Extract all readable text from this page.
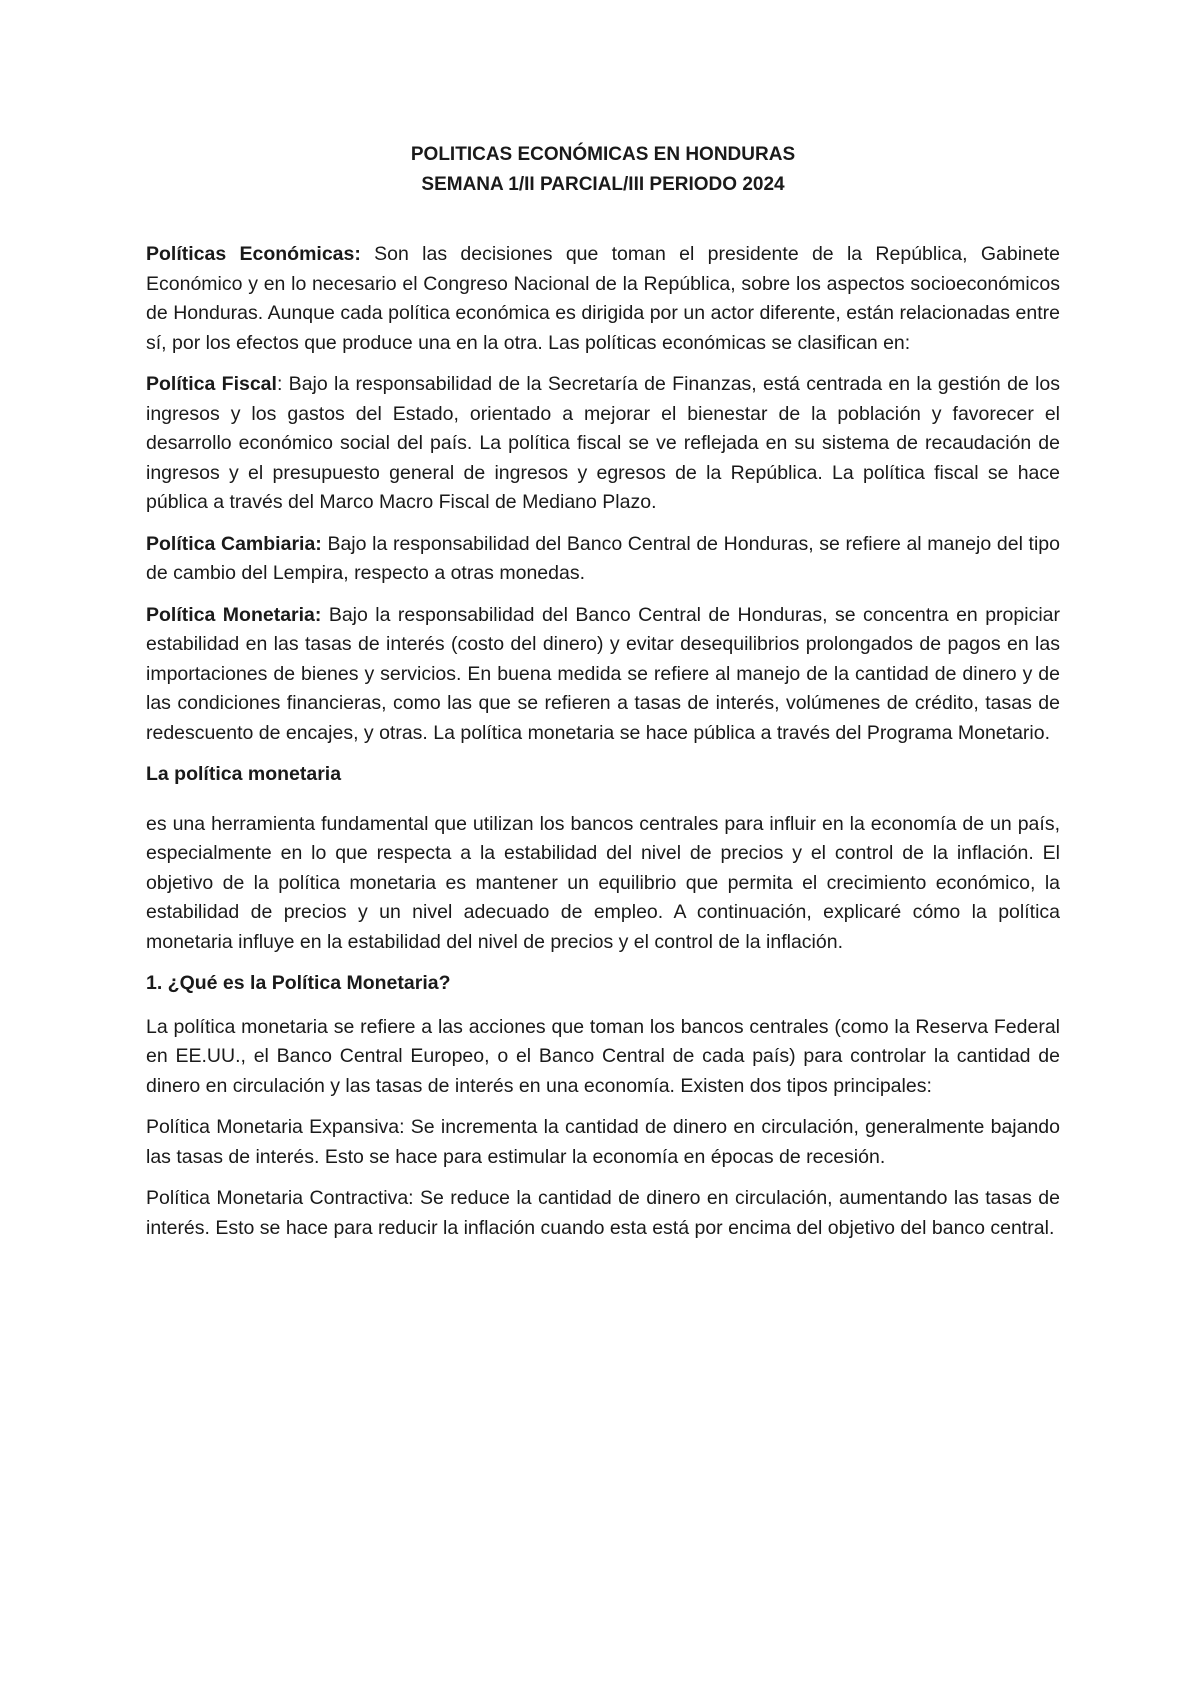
POLITICAS ECONÓMICAS EN HONDURAS

SEMANA 1/II PARCIAL/III PERIODO 2024

Políticas Económicas: Son las decisiones que toman el presidente de la República, Gabinete Económico y en lo necesario el Congreso Nacional de la República, sobre los aspectos socioeconómicos de Honduras. Aunque cada política económica es dirigida por un actor diferente, están relacionadas entre sí, por los efectos que produce una en la otra. Las políticas económicas se clasifican en:

Política Fiscal: Bajo la responsabilidad de la Secretaría de Finanzas, está centrada en la gestión de los ingresos y los gastos del Estado, orientado a mejorar el bienestar de la población y favorecer el desarrollo económico social del país. La política fiscal se ve reflejada en su sistema de recaudación de ingresos y el presupuesto general de ingresos y egresos de la República. La política fiscal se hace pública a través del Marco Macro Fiscal de Mediano Plazo.

Política Cambiaria: Bajo la responsabilidad del Banco Central de Honduras, se refiere al manejo del tipo de cambio del Lempira, respecto a otras monedas.

Política Monetaria: Bajo la responsabilidad del Banco Central de Honduras, se concentra en propiciar estabilidad en las tasas de interés (costo del dinero) y evitar desequilibrios prolongados de pagos en las importaciones de bienes y servicios. En buena medida se refiere al manejo de la cantidad de dinero y de las condiciones financieras, como las que se refieren a tasas de interés, volúmenes de crédito, tasas de redescuento de encajes, y otras. La política monetaria se hace pública a través del Programa Monetario.

La política monetaria

es una herramienta fundamental que utilizan los bancos centrales para influir en la economía de un país, especialmente en lo que respecta a la estabilidad del nivel de precios y el control de la inflación. El objetivo de la política monetaria es mantener un equilibrio que permita el crecimiento económico, la estabilidad de precios y un nivel adecuado de empleo. A continuación, explicaré cómo la política monetaria influye en la estabilidad del nivel de precios y el control de la inflación.

1. ¿Qué es la Política Monetaria?

La política monetaria se refiere a las acciones que toman los bancos centrales (como la Reserva Federal en EE.UU., el Banco Central Europeo, o el Banco Central de cada país) para controlar la cantidad de dinero en circulación y las tasas de interés en una economía. Existen dos tipos principales:

Política Monetaria Expansiva: Se incrementa la cantidad de dinero en circulación, generalmente bajando las tasas de interés. Esto se hace para estimular la economía en épocas de recesión.

Política Monetaria Contractiva: Se reduce la cantidad de dinero en circulación, aumentando las tasas de interés. Esto se hace para reducir la inflación cuando esta está por encima del objetivo del banco central.
